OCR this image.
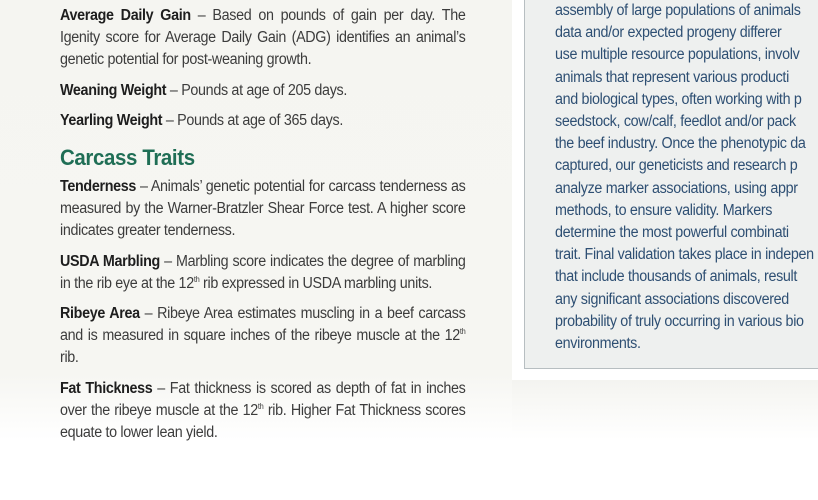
Average Daily Gain – Based on pounds of gain per day. The Igenity score for Average Daily Gain (ADG) identifies an animal’s genetic potential for post-weaning growth.

Weaning Weight – Pounds at age of 205 days.

Yearling Weight – Pounds at age of 365 days.

Carcass Traits

Tenderness – Animals’ genetic potential for carcass tenderness as measured by the Warner-Bratzler Shear Force test. A higher score indicates greater tenderness.

USDA Marbling – Marbling score indicates the degree of marbling in the rib eye at the 12th rib expressed in USDA marbling units.

Ribeye Area – Ribeye Area estimates muscling in a beef carcass and is measured in square inches of the ribeye muscle at the 12th rib.

Fat Thickness – Fat thickness is scored as depth of fat in inches over the ribeye muscle at the 12th rib. Higher Fat Thickness scores equate to lower lean yield.

assembly of large populations of animals
data and/or expected progeny differer
use multiple resource populations, involv
animals that represent various producti
and biological types, often working with p
seedstock, cow/calf, feedlot and/or pack
the beef industry. Once the phenotypic da
captured, our geneticists and research p
analyze marker associations, using appr
methods, to ensure validity. Markers
determine the most powerful combinati
trait. Final validation takes place in indepen
that include thousands of animals, result
any significant associations discovered
probability of truly occurring in various bio
environments.
